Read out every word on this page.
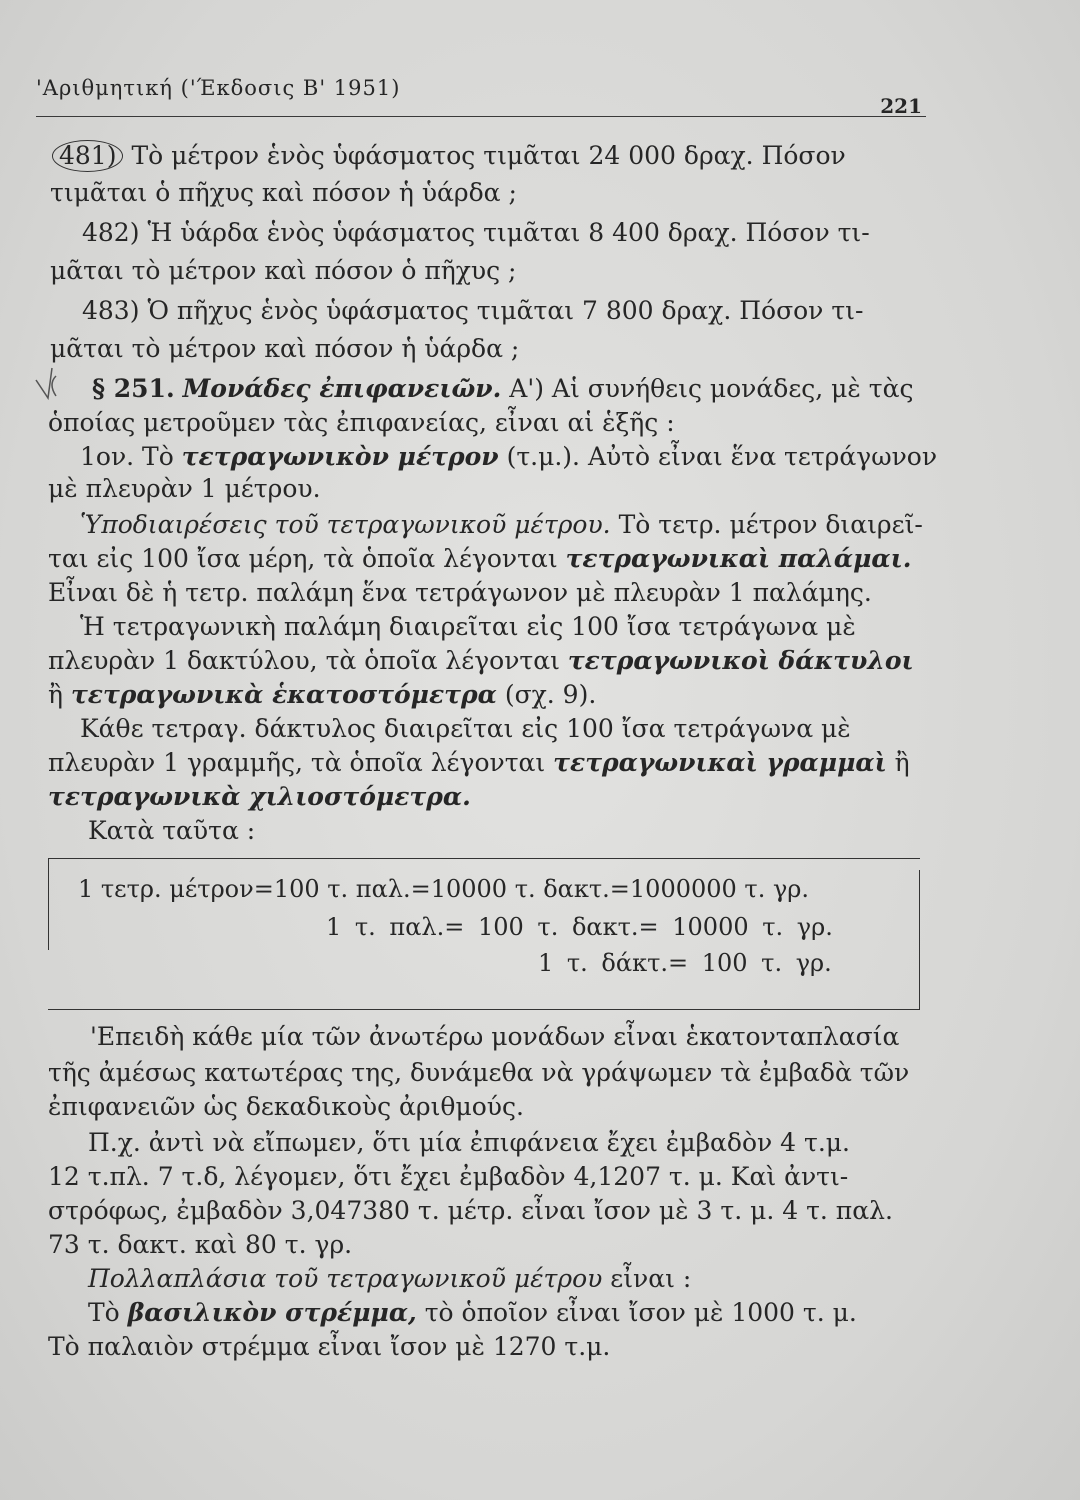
'Αριθμητική ('Έκδοσις Β' 1951)
221
481) Τὸ μέτρον ἑνὸς ὑφάσματος τιμᾶται 24 000 δραχ. Πόσον
τιμᾶται ὁ πῆχυς καὶ πόσον ἡ ὑάρδα ;
482) Ἡ ὑάρδα ἑνὸς ὑφάσματος τιμᾶται 8 400 δραχ. Πόσον τι-
μᾶται τὸ μέτρον καὶ πόσον ὁ πῆχυς ;
483) Ὁ πῆχυς ἑνὸς ὑφάσματος τιμᾶται 7 800 δραχ. Πόσον τι-
μᾶται τὸ μέτρον καὶ πόσον ἡ ὑάρδα ;
§ 251. Μονάδες ἐπιφανειῶν. Α') Αἱ συνήθεις μονάδες, μὲ τὰς
ὁποίας μετροῦμεν τὰς ἐπιφανείας, εἶναι αἱ ἑξῆς :
1ον. Τὸ τετραγωνικὸν μέτρον (τ.μ.). Αὐτὸ εἶναι ἕνα τετράγωνον
μὲ πλευρὰν 1 μέτρου.
Ὑποδιαιρέσεις τοῦ τετραγωνικοῦ μέτρου. Τὸ τετρ. μέτρον διαιρεῖ-
ται εἰς 100 ἴσα μέρη, τὰ ὁποῖα λέγονται τετραγωνικαὶ παλάμαι.
Εἶναι δὲ ἡ τετρ. παλάμη ἕνα τετράγωνον μὲ πλευρὰν 1 παλάμης.
Ἡ τετραγωνικὴ παλάμη διαιρεῖται εἰς 100 ἴσα τετράγωνα μὲ
πλευρὰν 1 δακτύλου, τὰ ὁποῖα λέγονται τετραγωνικοὶ δάκτυλοι
ἢ τετραγωνικὰ ἑκατοστόμετρα (σχ. 9).
Κάθε τετραγ. δάκτυλος διαιρεῖται εἰς 100 ἴσα τετράγωνα μὲ
πλευρὰν 1 γραμμῆς, τὰ ὁποῖα λέγονται τετραγωνικαὶ γραμμαὶ ἢ
τετραγωνικὰ χιλιοστόμετρα.
Κατὰ ταῦτα :
1 τετρ. μέτρον=100 τ. παλ.=10000 τ. δακτ.=1000000 τ. γρ.
1 τ. παλ.= 100 τ. δακτ.= 10000 τ. γρ.
1 τ. δάκτ.= 100 τ. γρ.
'Επειδὴ κάθε μία τῶν ἀνωτέρω μονάδων εἶναι ἑκατονταπλασία
τῆς ἀμέσως κατωτέρας της, δυνάμεθα νὰ γράψωμεν τὰ ἐμβαδὰ τῶν
ἐπιφανειῶν ὡς δεκαδικοὺς ἀριθμούς.
Π.χ. ἀντὶ νὰ εἴπωμεν, ὅτι μία ἐπιφάνεια ἔχει ἐμβαδὸν 4 τ.μ.
12 τ.πλ. 7 τ.δ, λέγομεν, ὅτι ἔχει ἐμβαδὸν 4,1207 τ. μ. Καὶ ἀντι-
στρόφως, ἐμβαδὸν 3,047380 τ. μέτρ. εἶναι ἴσον μὲ 3 τ. μ. 4 τ. παλ.
73 τ. δακτ. καὶ 80 τ. γρ.
Πολλαπλάσια τοῦ τετραγωνικοῦ μέτρου εἶναι :
Τὸ βασιλικὸν στρέμμα, τὸ ὁποῖον εἶναι ἴσον μὲ 1000 τ. μ.
Τὸ παλαιὸν στρέμμα εἶναι ἴσον μὲ 1270 τ.μ.
